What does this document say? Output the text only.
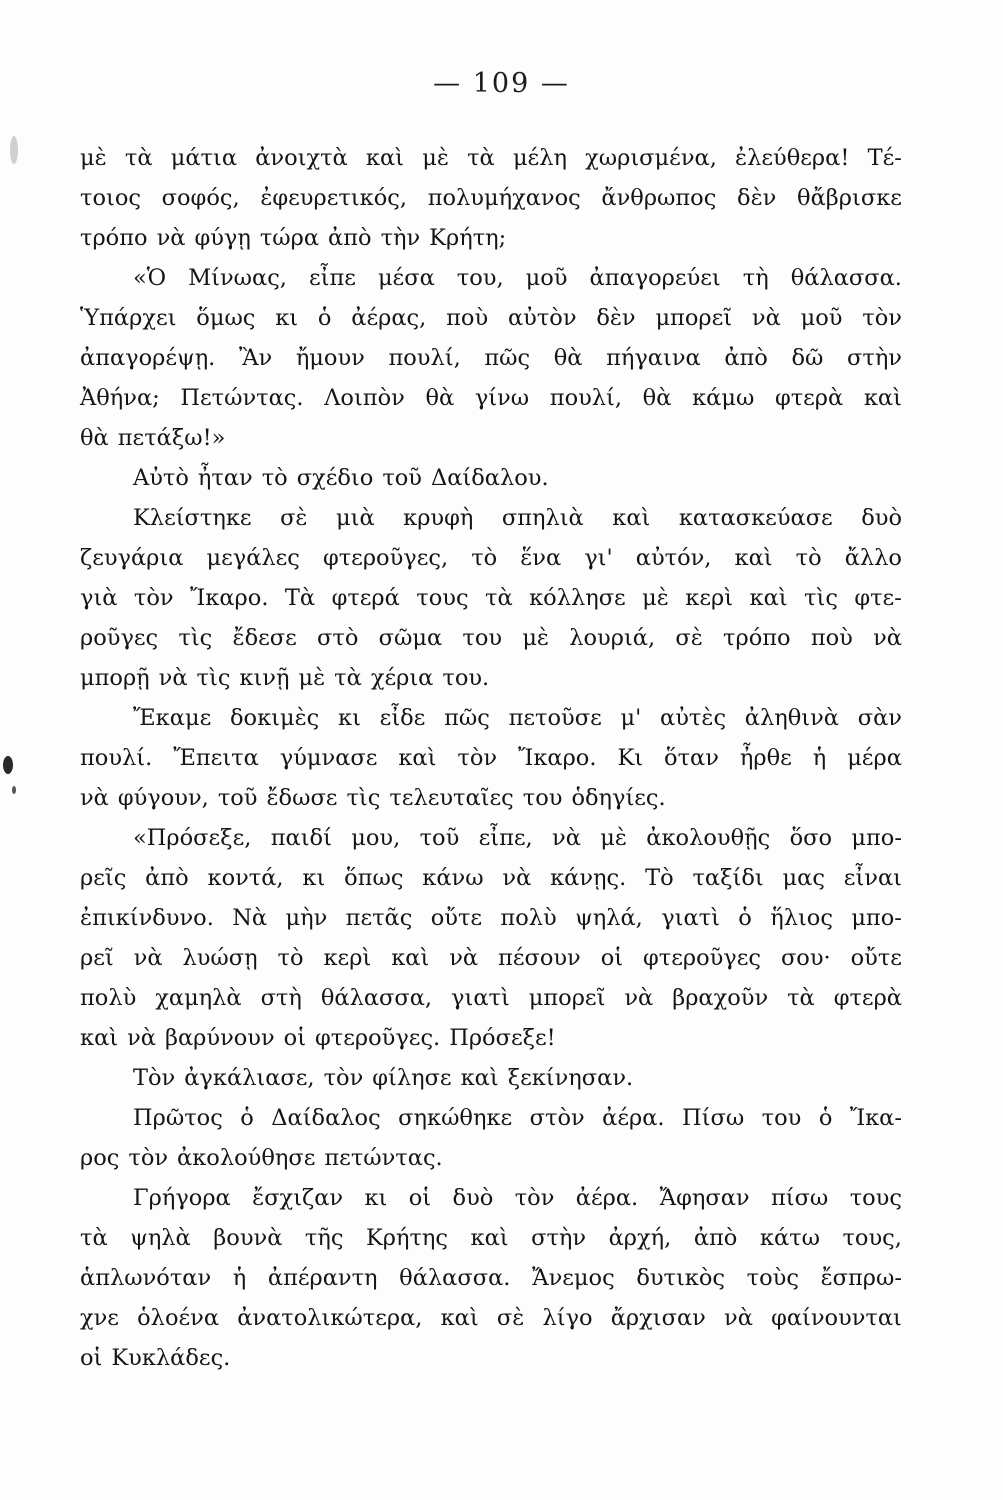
— 109 —
μὲ τὰ μάτια ἀνοιχτὰ καὶ μὲ τὰ μέλη χωρισμένα, ἐλεύθερα! Τέ-
τοιος σοφός, ἐφευρετικός, πολυμήχανος ἄνθρωπος δὲν θἄβρισκε
τρόπο νὰ φύγῃ τώρα ἀπὸ τὴν Κρήτη;
«Ὁ Μίνωας, εἶπε μέσα του, μοῦ ἀπαγορεύει τὴ θάλασσα.
Ὑπάρχει ὅμως κι ὁ ἀέρας, ποὺ αὐτὸν δὲν μπορεῖ νὰ μοῦ τὸν
ἀπαγορέψῃ. Ἂν ἤμουν πουλί, πῶς θὰ πήγαινα ἀπὸ δῶ στὴν
Ἀθήνα; Πετώντας. Λοιπὸν θὰ γίνω πουλί, θὰ κάμω φτερὰ καὶ
θὰ πετάξω!»
Αὐτὸ ἦταν τὸ σχέδιο τοῦ Δαίδαλου.
Κλείστηκε σὲ μιὰ κρυφὴ σπηλιὰ καὶ κατασκεύασε δυὸ
ζευγάρια μεγάλες φτεροῦγες, τὸ ἕνα γι' αὐτόν, καὶ τὸ ἄλλο
γιὰ τὸν Ἴκαρο. Τὰ φτερά τους τὰ κόλλησε μὲ κερὶ καὶ τὶς φτε-
ροῦγες τὶς ἔδεσε στὸ σῶμα του μὲ λουριά, σὲ τρόπο ποὺ νὰ
μπορῇ νὰ τὶς κινῇ μὲ τὰ χέρια του.
Ἔκαμε δοκιμὲς κι εἶδε πῶς πετοῦσε μ' αὐτὲς ἀληθινὰ σὰν
πουλί. Ἔπειτα γύμνασε καὶ τὸν Ἴκαρο. Κι ὅταν ἦρθε ἡ μέρα
νὰ φύγουν, τοῦ ἔδωσε τὶς τελευταῖες του ὁδηγίες.
«Πρόσεξε, παιδί μου, τοῦ εἶπε, νὰ μὲ ἀκολουθῇς ὅσο μπο-
ρεῖς ἀπὸ κοντά, κι ὅπως κάνω νὰ κάνῃς. Τὸ ταξίδι μας εἶναι
ἐπικίνδυνο. Νὰ μὴν πετᾶς οὔτε πολὺ ψηλά, γιατὶ ὁ ἥλιος μπο-
ρεῖ νὰ λυώσῃ τὸ κερὶ καὶ νὰ πέσουν οἱ φτεροῦγες σου· οὔτε
πολὺ χαμηλὰ στὴ θάλασσα, γιατὶ μπορεῖ νὰ βραχοῦν τὰ φτερὰ
καὶ νὰ βαρύνουν οἱ φτεροῦγες. Πρόσεξε!
Τὸν ἀγκάλιασε, τὸν φίλησε καὶ ξεκίνησαν.
Πρῶτος ὁ Δαίδαλος σηκώθηκε στὸν ἀέρα. Πίσω του ὁ Ἴκα-
ρος τὸν ἀκολούθησε πετώντας.
Γρήγορα ἔσχιζαν κι οἱ δυὸ τὸν ἀέρα. Ἄφησαν πίσω τους
τὰ ψηλὰ βουνὰ τῆς Κρήτης καὶ στὴν ἀρχή, ἀπὸ κάτω τους,
ἁπλωνόταν ἡ ἀπέραντη θάλασσα. Ἄνεμος δυτικὸς τοὺς ἔσπρω-
χνε ὁλοένα ἀνατολικώτερα, καὶ σὲ λίγο ἄρχισαν νὰ φαίνουνται
οἱ Κυκλάδες.
